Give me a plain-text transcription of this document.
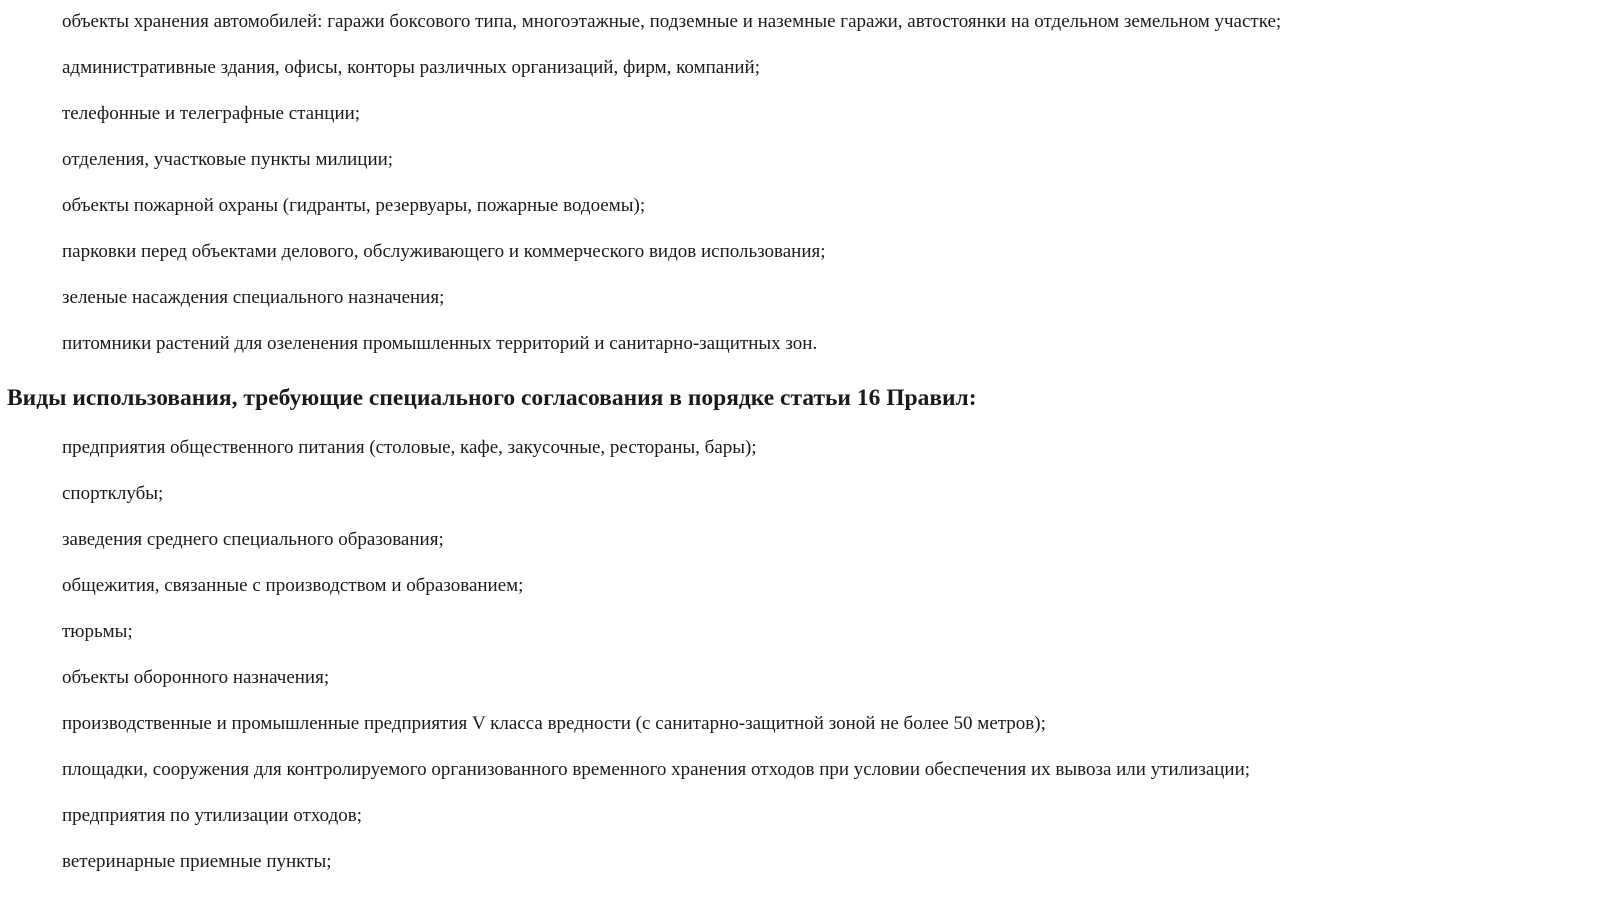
объекты хранения автомобилей: гаражи боксового типа, многоэтажные, подземные и наземные гаражи, автостоянки на отдельном земельном участке;
административные здания, офисы, конторы различных организаций, фирм, компаний;
телефонные и телеграфные станции;
отделения, участковые пункты милиции;
объекты пожарной охраны (гидранты, резервуары, пожарные водоемы);
парковки перед объектами делового, обслуживающего и коммерческого видов использования;
зеленые насаждения специального назначения;
питомники растений для озеленения промышленных территорий и санитарно-защитных зон.
Виды использования, требующие специального согласования в порядке статьи 16 Правил:
предприятия общественного питания (столовые, кафе, закусочные, рестораны, бары);
спортклубы;
заведения среднего специального образования;
общежития, связанные с производством и образованием;
тюрьмы;
объекты оборонного назначения;
производственные и промышленные предприятия V класса вредности (с санитарно-защитной зоной не более 50 метров);
площадки, сооружения для контролируемого организованного временного хранения отходов при условии обеспечения их вывоза или утилизации;
предприятия по утилизации отходов;
ветеринарные приемные пункты;
